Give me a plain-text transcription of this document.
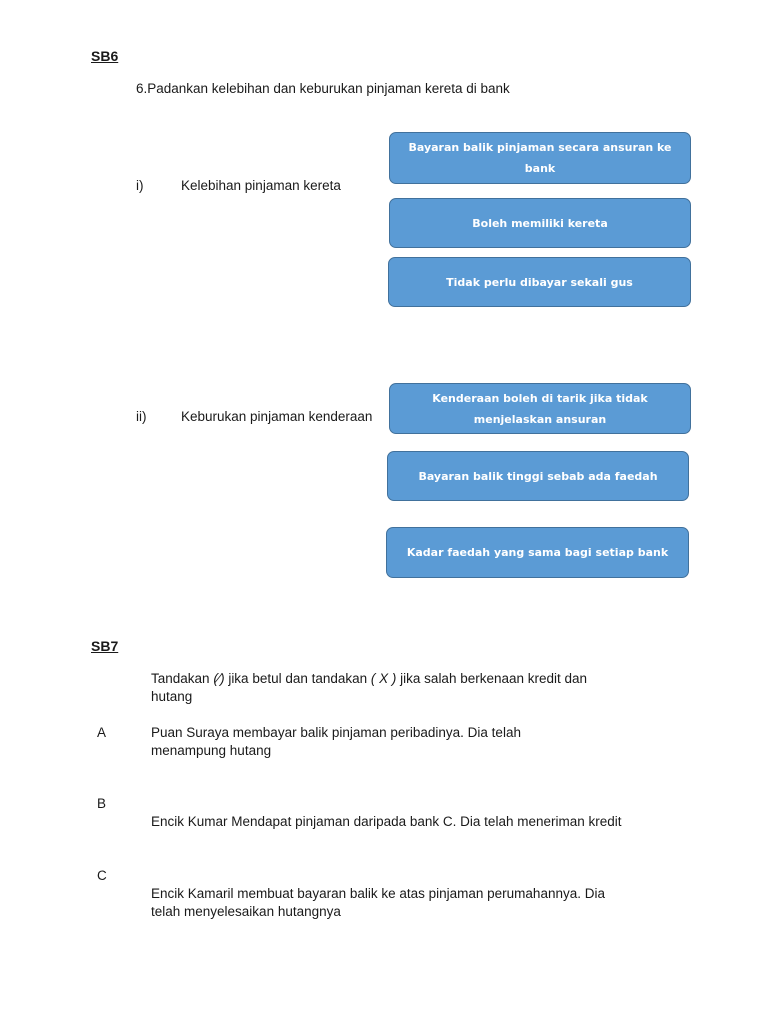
SB6
6.Padankan kelebihan dan keburukan pinjaman kereta di bank
i)	Kelebihan pinjaman kereta
ii)	Keburukan pinjaman kenderaan
Bayaran balik pinjaman secara ansuran ke bank
Boleh memiliki kereta
Tidak perlu dibayar sekali gus
Kenderaan boleh di tarik jika tidak menjelaskan ansuran
Bayaran balik tinggi sebab ada faedah
Kadar faedah yang sama bagi setiap bank
SB7
Tandakan (⁄) jika betul dan tandakan ( X ) jika salah berkenaan kredit dan hutang
A	Puan Suraya membayar balik pinjaman peribadinya. Dia telah menampung hutang
B
Encik Kumar Mendapat pinjaman daripada bank C. Dia telah meneriman kredit
C
Encik Kamaril membuat bayaran balik ke atas pinjaman perumahannya. Dia telah menyelesaikan hutangnya
